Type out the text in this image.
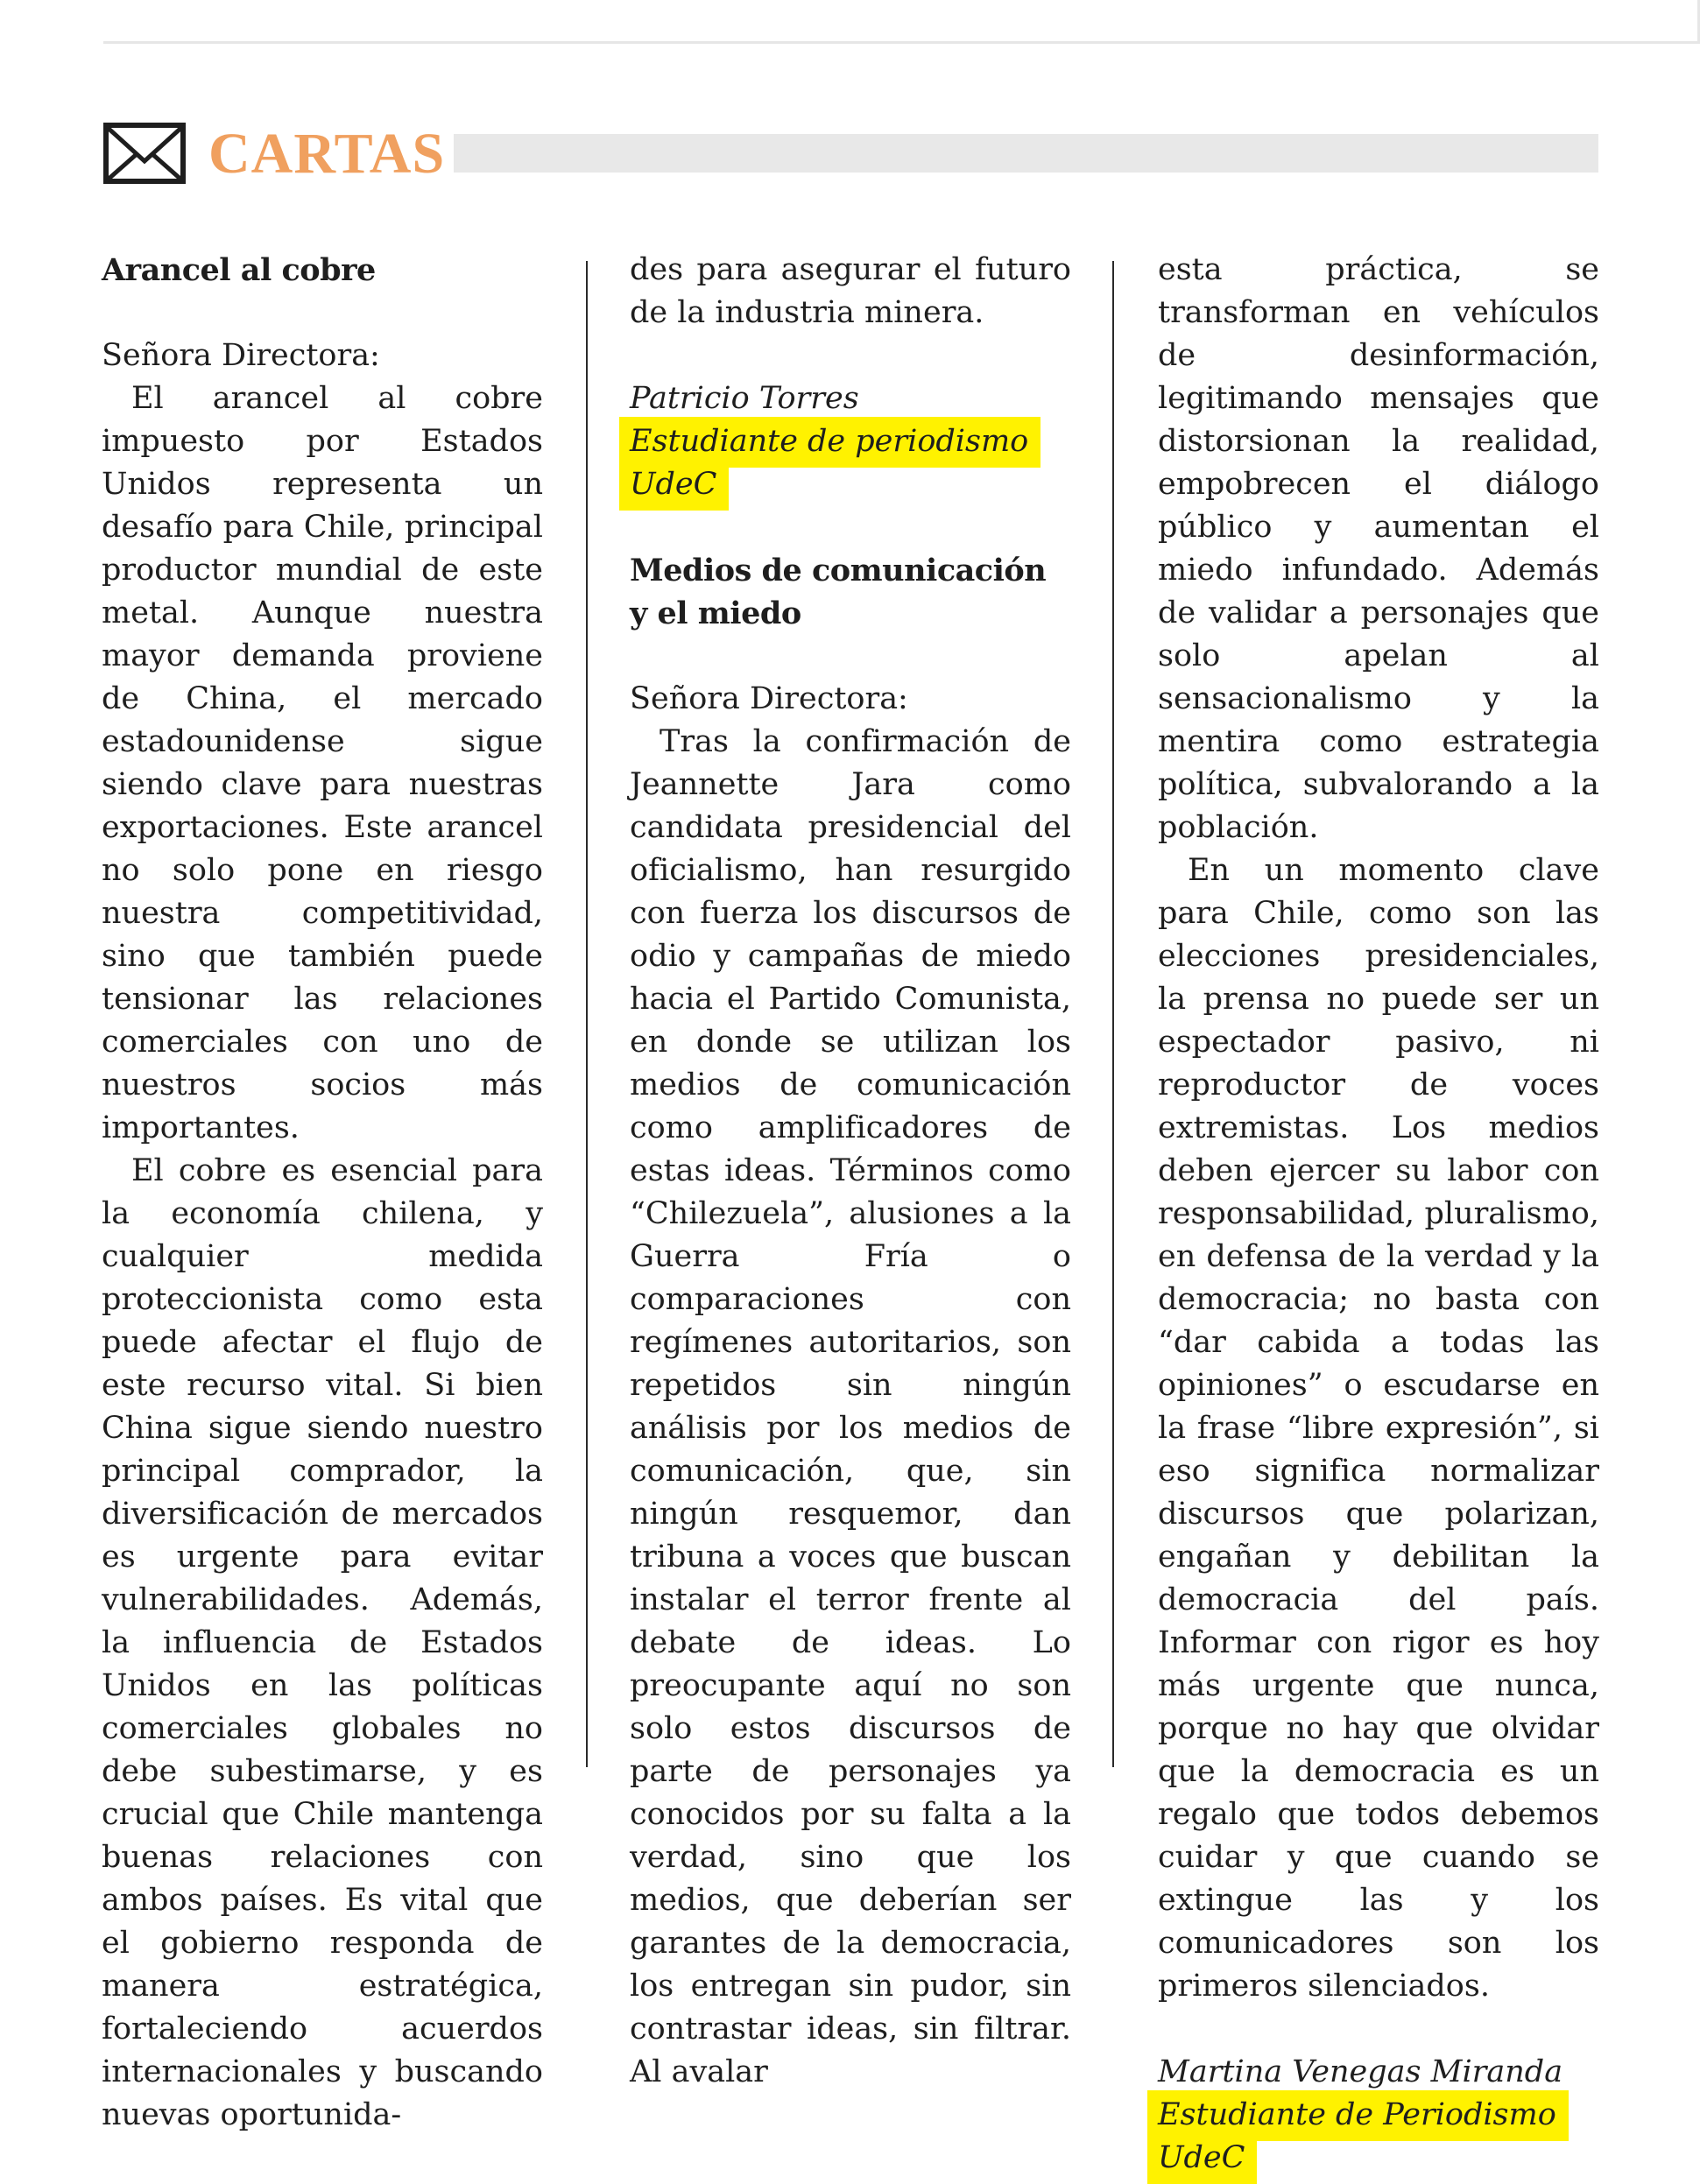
CARTAS

Arancel al cobre

Señora Directora:

El arancel al cobre impuesto por Estados Unidos representa un desafío para Chile, principal productor mundial de este metal. Aunque nuestra mayor demanda proviene de China, el mercado estadounidense sigue siendo clave para nuestras exportaciones. Este arancel no solo pone en riesgo nuestra competitividad, sino que también puede tensionar las relaciones comerciales con uno de nuestros socios más importantes.

El cobre es esencial para la economía chilena, y cualquier medida proteccionista como esta puede afectar el flujo de este recurso vital. Si bien China sigue siendo nuestro principal comprador, la diversificación de mercados es urgente para evitar vulnerabilidades. Además, la influencia de Estados Unidos en las políticas comerciales globales no debe subestimarse, y es crucial que Chile mantenga buenas relaciones con ambos países. Es vital que el gobierno responda de manera estratégica, fortaleciendo acuerdos internacionales y buscando nuevas oportunida-

des para asegurar el futuro de la industria minera.

Patricio Torres

Estudiante de periodismo UdeC

Medios de comunicación

y el miedo

Señora Directora:

Tras la confirmación de Jeannette Jara como candidata presidencial del oficialismo, han resurgido con fuerza los discursos de odio y campañas de miedo hacia el Partido Comunista, en donde se utilizan los medios de comunicación como amplificadores de estas ideas. Términos como “Chilezuela”, alusiones a la Guerra Fría o comparaciones con regímenes autoritarios, son repetidos sin ningún análisis por los medios de comunicación, que, sin ningún resquemor, dan tribuna a voces que buscan instalar el terror frente al debate de ideas. Lo preocupante aquí no son solo estos discursos de parte de personajes ya conocidos por su falta a la verdad, sino que los medios, que deberían ser garantes de la democracia, los entregan sin pudor, sin contrastar ideas, sin filtrar. Al avalar

esta práctica, se transforman en vehículos de desinformación, legitimando mensajes que distorsionan la realidad, empobrecen el diálogo público y aumentan el miedo infundado. Además de validar a personajes que solo apelan al sensacionalismo y la mentira como estrategia política, subvalorando a la población.

En un momento clave para Chile, como son las elecciones presidenciales, la prensa no puede ser un espectador pasivo, ni reproductor de voces extremistas. Los medios deben ejercer su labor con responsabilidad, pluralismo, en defensa de la verdad y la democracia; no basta con “dar cabida a todas las opiniones” o escudarse en la frase “libre expresión”, si eso significa normalizar discursos que polarizan, engañan y debilitan la democracia del país. Informar con rigor es hoy más urgente que nunca, porque no hay que olvidar que la democracia es un regalo que todos debemos cuidar y que cuando se extingue las y los comunicadores son los primeros silenciados.

Martina Venegas Miranda

Estudiante de Periodismo UdeC
